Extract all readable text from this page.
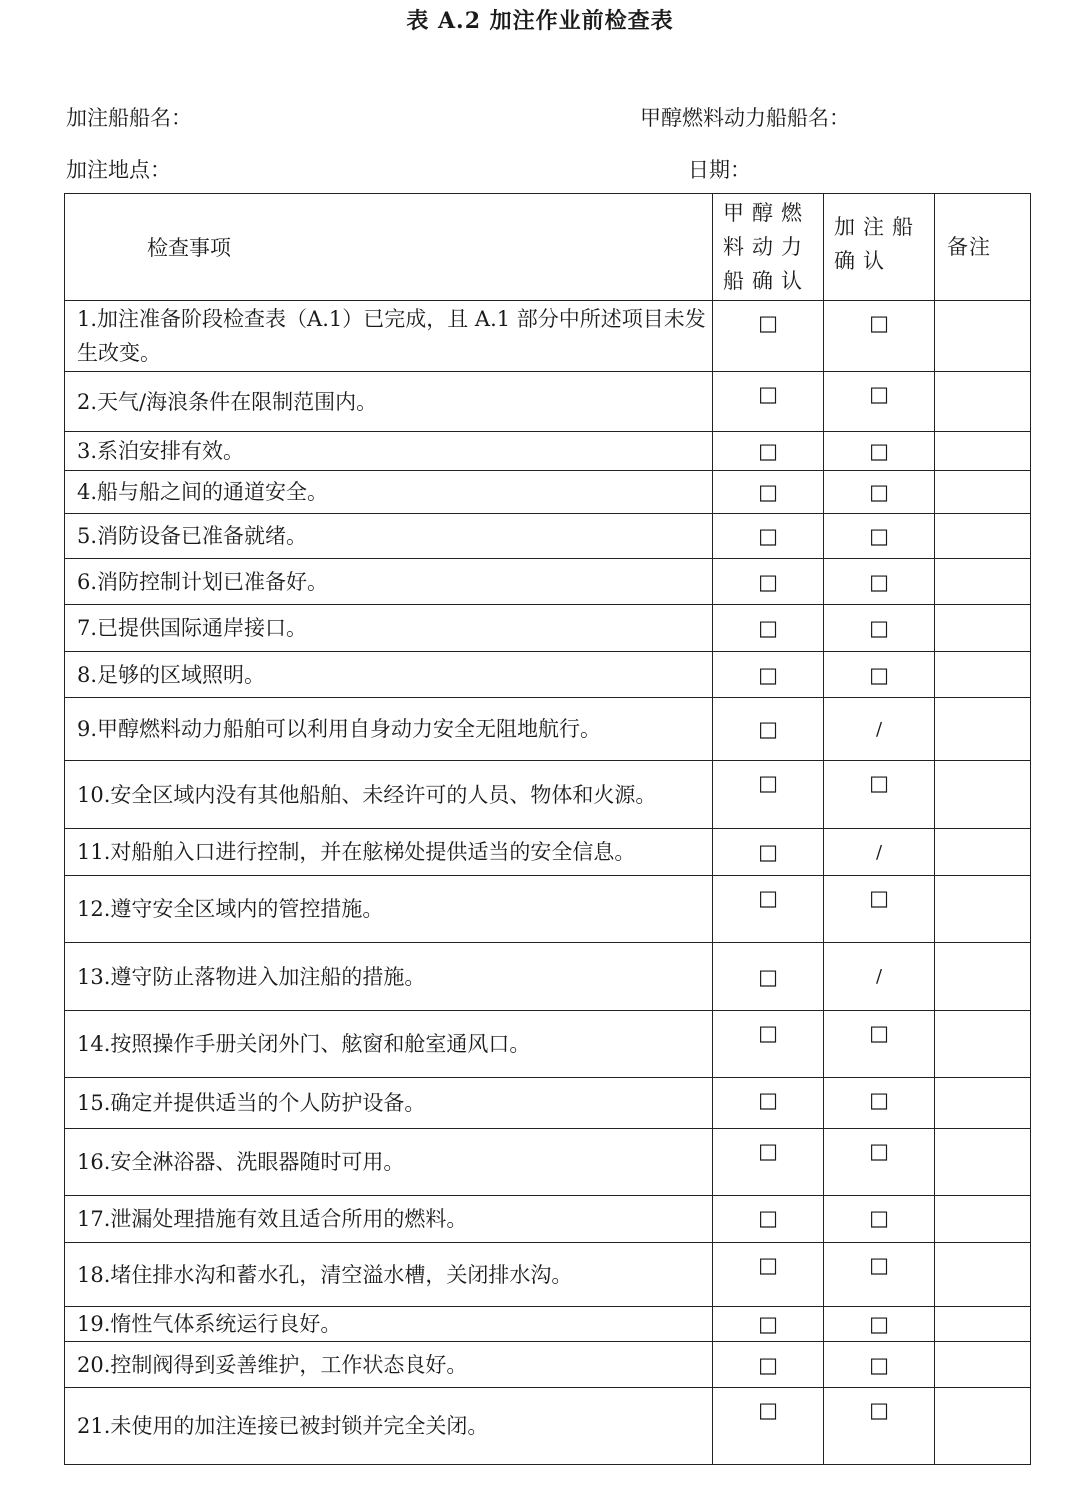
表 A.2 加注作业前检查表
加注船船名：	甲醇燃料动力船船名：
加注地点：	日期：
检查事项	甲醇燃料动力船确认	加注船确认	备注
1.加注准备阶段检查表（A.1）已完成，且 A.1 部分中所述项目未发生改变。	□	□	
2.天气/海浪条件在限制范围内。	□	□	
3.系泊安排有效。	□	□	
4.船与船之间的通道安全。	□	□	
5.消防设备已准备就绪。	□	□	
6.消防控制计划已准备好。	□	□	
7.已提供国际通岸接口。	□	□	
8.足够的区域照明。	□	□	
9.甲醇燃料动力船舶可以利用自身动力安全无阻地航行。	□	/	
10.安全区域内没有其他船舶、未经许可的人员、物体和火源。	□	□	
11.对船舶入口进行控制，并在舷梯处提供适当的安全信息。	□	/	
12.遵守安全区域内的管控措施。	□	□	
13.遵守防止落物进入加注船的措施。	□	/	
14.按照操作手册关闭外门、舷窗和舱室通风口。	□	□	
15.确定并提供适当的个人防护设备。	□	□	
16.安全淋浴器、洗眼器随时可用。	□	□	
17.泄漏处理措施有效且适合所用的燃料。	□	□	
18.堵住排水沟和蓄水孔，清空溢水槽，关闭排水沟。	□	□	
19.惰性气体系统运行良好。	□	□	
20.控制阀得到妥善维护，工作状态良好。	□	□	
21.未使用的加注连接已被封锁并完全关闭。	□	□	
